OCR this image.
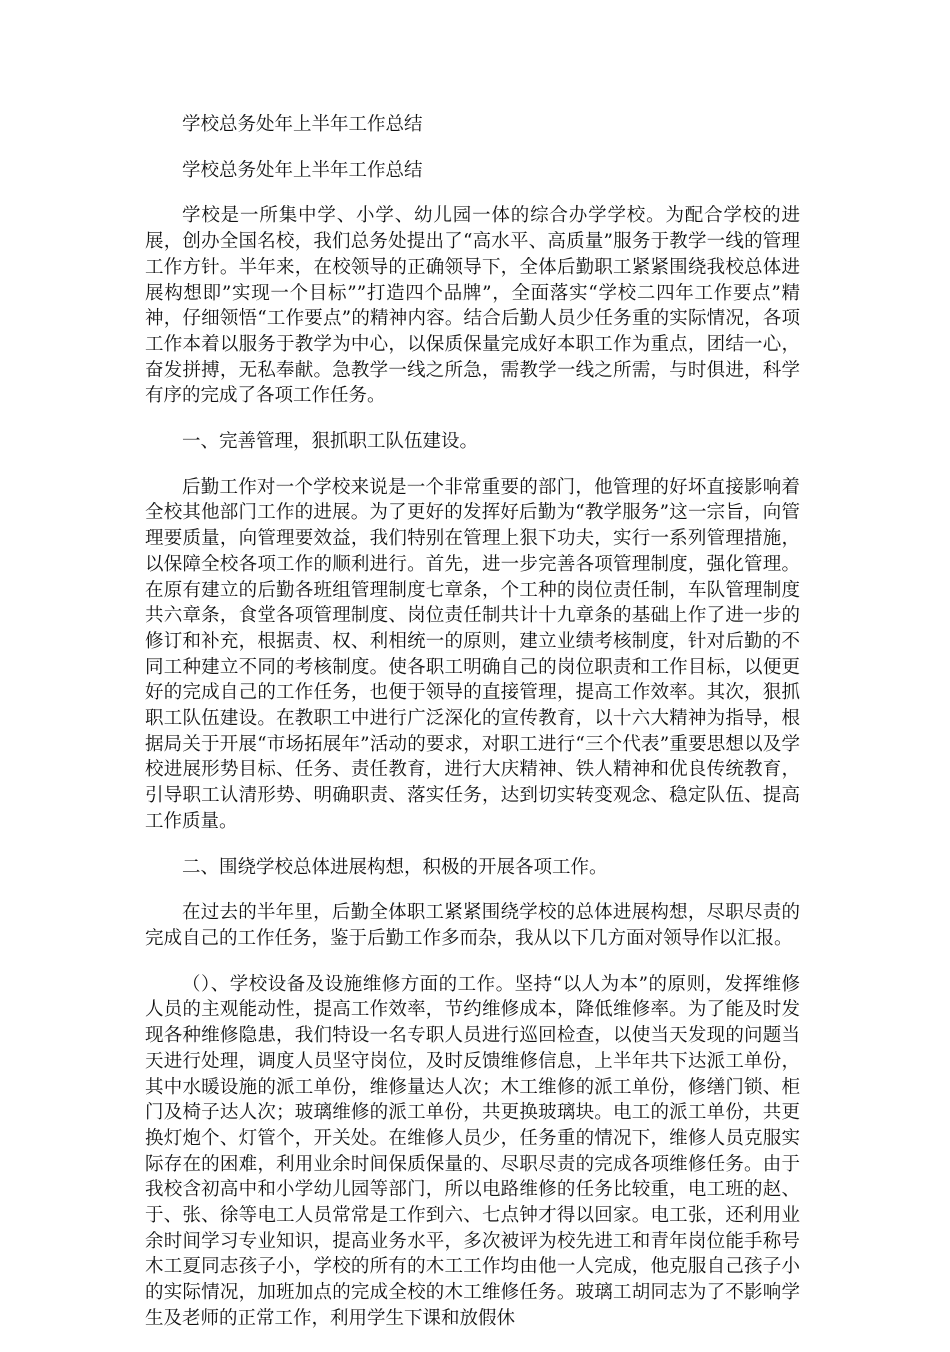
学校总务处年上半年工作总结

学校总务处年上半年工作总结

学校是一所集中学、小学、幼儿园一体的综合办学学校。为配合学校的进展，创办全国名校，我们总务处提出了“高水平、高质量”服务于教学一线的管理工作方针。半年来，在校领导的正确领导下，全体后勤职工紧紧围绕我校总体进展构想即”实现一个目标””打造四个品牌”，全面落实“学校二四年工作要点”精神，仔细领悟“工作要点”的精神内容。结合后勤人员少任务重的实际情况，各项工作本着以服务于教学为中心，以保质保量完成好本职工作为重点，团结一心，奋发拼搏，无私奉献。急教学一线之所急，需教学一线之所需，与时俱进，科学有序的完成了各项工作任务。

一、完善管理，狠抓职工队伍建设。

后勤工作对一个学校来说是一个非常重要的部门，他管理的好坏直接影响着全校其他部门工作的进展。为了更好的发挥好后勤为“教学服务”这一宗旨，向管理要质量，向管理要效益，我们特别在管理上狠下功夫，实行一系列管理措施，以保障全校各项工作的顺利进行。首先，进一步完善各项管理制度，强化管理。在原有建立的后勤各班组管理制度七章条，个工种的岗位责任制，车队管理制度共六章条，食堂各项管理制度、岗位责任制共计十九章条的基础上作了进一步的修订和补充，根据责、权、利相统一的原则，建立业绩考核制度，针对后勤的不同工种建立不同的考核制度。使各职工明确自己的岗位职责和工作目标，以便更好的完成自己的工作任务，也便于领导的直接管理，提高工作效率。其次，狠抓职工队伍建设。在教职工中进行广泛深化的宣传教育，以十六大精神为指导，根据局关于开展“市场拓展年”活动的要求，对职工进行“三个代表”重要思想以及学校进展形势目标、任务、责任教育，进行大庆精神、铁人精神和优良传统教育，引导职工认清形势、明确职责、落实任务，达到切实转变观念、稳定队伍、提高工作质量。

二、围绕学校总体进展构想，积极的开展各项工作。

在过去的半年里，后勤全体职工紧紧围绕学校的总体进展构想，尽职尽责的完成自己的工作任务，鉴于后勤工作多而杂，我从以下几方面对领导作以汇报。

（）、学校设备及设施维修方面的工作。坚持“以人为本”的原则，发挥维修人员的主观能动性，提高工作效率，节约维修成本，降低维修率。为了能及时发现各种维修隐患，我们特设一名专职人员进行巡回检查，以使当天发现的问题当天进行处理，调度人员坚守岗位，及时反馈维修信息，上半年共下达派工单份，其中水暖设施的派工单份，维修量达人次；木工维修的派工单份，修缮门锁、柜门及椅子达人次；玻璃维修的派工单份，共更换玻璃块。电工的派工单份，共更换灯炮个、灯管个，开关处。在维修人员少，任务重的情况下，维修人员克服实际存在的困难，利用业余时间保质保量的、尽职尽责的完成各项维修任务。由于我校含初高中和小学幼儿园等部门，所以电路维修的任务比较重，电工班的赵、于、张、徐等电工人员常常是工作到六、七点钟才得以回家。电工张，还利用业余时间学习专业知识，提高业务水平，多次被评为校先进工和青年岗位能手称号木工夏同志孩子小，学校的所有的木工工作均由他一人完成，他克服自己孩子小的实际情况，加班加点的完成全校的木工维修任务。玻璃工胡同志为了不影响学生及老师的正常工作，利用学生下课和放假休
